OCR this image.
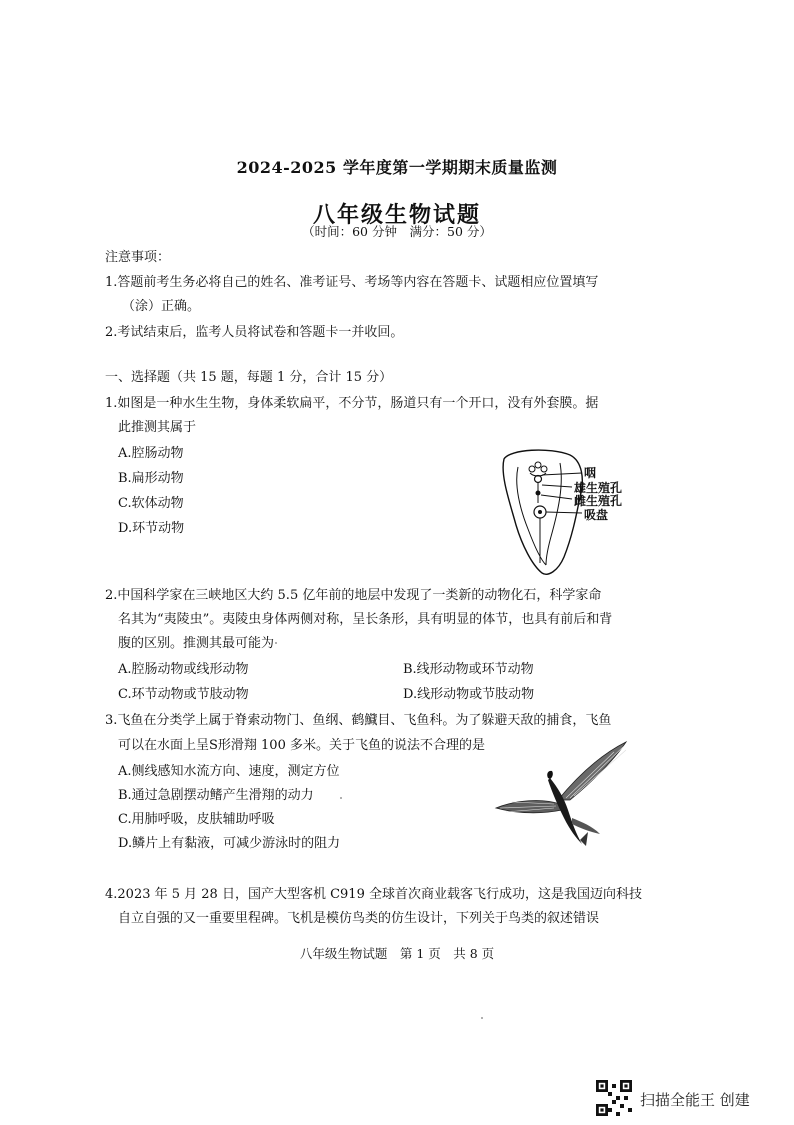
2024-2025 学年度第一学期期末质量监测
八年级生物试题
（时间：60 分钟　满分：50 分）
注意事项：
1.答题前考生务必将自己的姓名、准考证号、考场等内容在答题卡、试题相应位置填写
（涂）正确。
2.考试结束后，监考人员将试卷和答题卡一并收回。
一、选择题（共 15 题，每题 1 分，合计 15 分）
1.如图是一种水生生物，身体柔软扁平，不分节，肠道只有一个开口，没有外套膜。据
此推测其属于
A.腔肠动物
B.扁形动物
C.软体动物
D.环节动物
咽
雄生殖孔
雌生殖孔
吸盘
2.中国科学家在三峡地区大约 5.5 亿年前的地层中发现了一类新的动物化石，科学家命
名其为“夷陵虫”。夷陵虫身体两侧对称，呈长条形，具有明显的体节，也具有前后和背
腹的区别。推测其最可能为
A.腔肠动物或线形动物	B.线形动物或环节动物
C.环节动物或节肢动物	D.线形动物或节肢动物
3.飞鱼在分类学上属于脊索动物门、鱼纲、鹤鱵目、飞鱼科。为了躲避天敌的捕食，飞鱼
可以在水面上呈S形滑翔 100 多米。关于飞鱼的说法不合理的是
A.侧线感知水流方向、速度，测定方位
B.通过急剧摆动鳍产生滑翔的动力
C.用肺呼吸，皮肤辅助呼吸
D.鳞片上有黏液，可减少游泳时的阻力
4.2023 年 5 月 28 日，国产大型客机 C919 全球首次商业载客飞行成功，这是我国迈向科技
自立自强的又一重要里程碑。飞机是模仿鸟类的仿生设计，下列关于鸟类的叙述错误
八年级生物试题　第 1 页　共 8 页
扫描全能王 创建
